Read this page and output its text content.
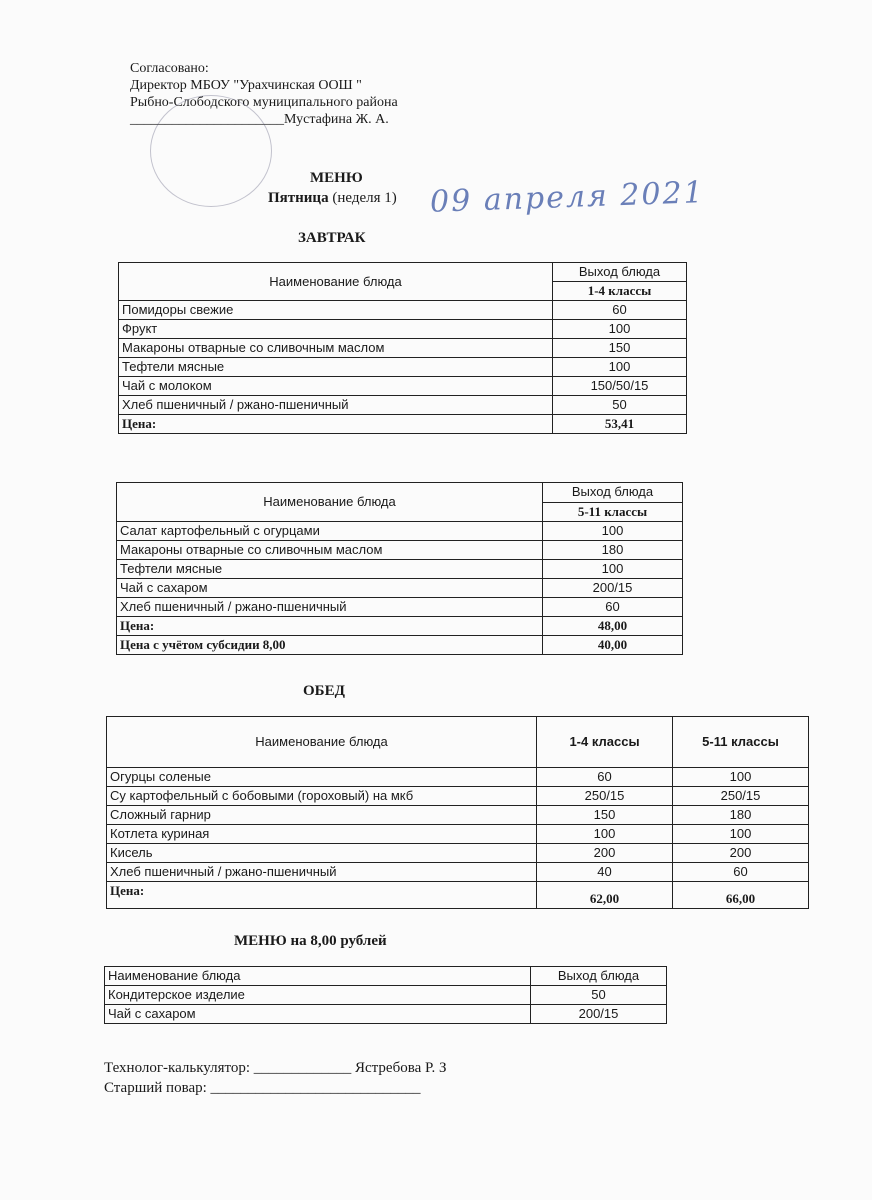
Согласовано:
Директор МБОУ "Урахчинская ООШ "
Рыбно-Слободского муниципального района
______________________Мустафина Ж. А.
МЕНЮ
Пятница (неделя 1) 09 апреля 2021
ЗАВТРАК
Наименование блюда	Выход блюда
	1-4 классы
Помидоры свежие	60
Фрукт	100
Макароны отварные со сливочным маслом	150
Тефтели мясные	100
Чай с молоком	150/50/15
Хлеб пшеничный / ржано-пшеничный	50
Цена:	53,41
Наименование блюда	Выход блюда
	5-11 классы
Салат картофельный с огурцами	100
Макароны отварные со сливочным маслом	180
Тефтели мясные	100
Чай с сахаром	200/15
Хлеб пшеничный / ржано-пшеничный	60
Цена:	48,00
Цена с учётом субсидии 8,00	40,00
ОБЕД
Наименование блюда	1-4 классы	5-11 классы
Огурцы соленые	60	100
Су картофельный с бобовыми (гороховый) на мкб	250/15	250/15
Сложный гарнир	150	180
Котлета куриная	100	100
Кисель	200	200
Хлеб пшеничный / ржано-пшеничный	40	60
Цена:	62,00	66,00
МЕНЮ на 8,00 рублей
Наименование блюда	Выход блюда
Кондитерское изделие	50
Чай с сахаром	200/15
Технолог-калькулятор: _____________ Ястребова Р. З
Старший повар: ____________________________
